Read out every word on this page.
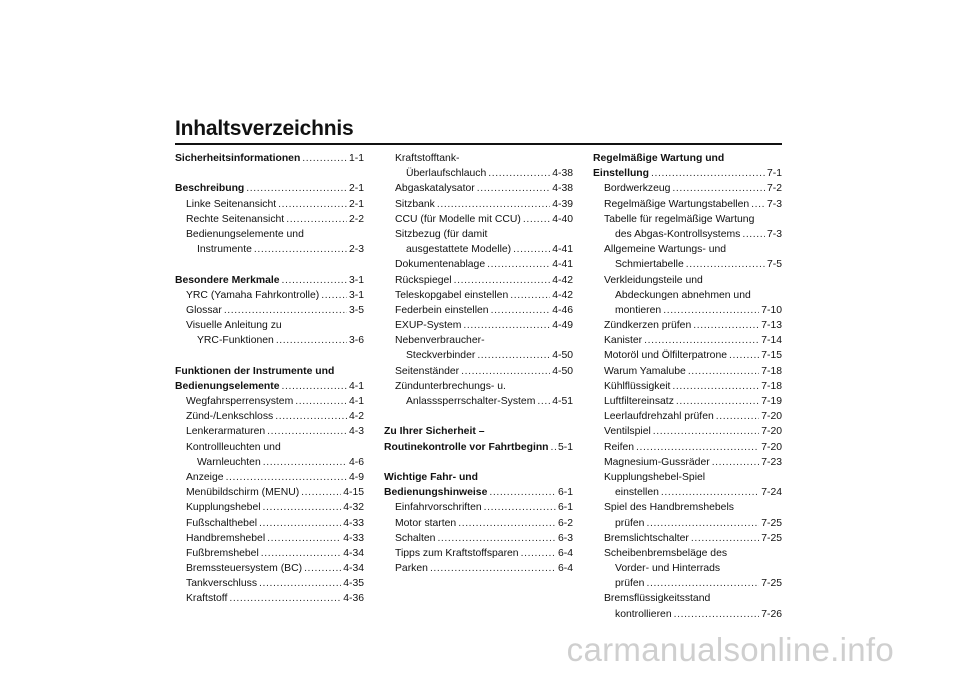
Inhaltsverzeichnis
Sicherheitsinformationen .....	1-1
Beschreibung .....	2-1
Linke Seitenansicht .....	2-1
Rechte Seitenansicht .....	2-2
Bedienungselemente und
Instrumente .....	2-3
Besondere Merkmale .....	3-1
YRC (Yamaha Fahrkontrolle) .....	3-1
Glossar .....	3-5
Visuelle Anleitung zu
YRC-Funktionen .....	3-6
Funktionen der Instrumente und
Bedienungselemente .....	4-1
Wegfahrsperrensystem .....	4-1
Zünd-/Lenkschloss .....	4-2
Lenkerarmaturen .....	4-3
Kontrollleuchten und
Warnleuchten .....	4-6
Anzeige .....	4-9
Menübildschirm (MENU) .....	4-15
Kupplungshebel .....	4-32
Fußschalthebel .....	4-33
Handbremshebel .....	4-33
Fußbremshebel .....	4-34
Bremssteuersystem (BC) .....	4-34
Tankverschluss .....	4-35
Kraftstoff .....	4-36
Kraftstofftank-
Überlaufschlauch .....	4-38
Abgaskatalysator .....	4-38
Sitzbank .....	4-39
CCU (für Modelle mit CCU) .....	4-40
Sitzbezug (für damit
ausgestattete Modelle) .....	4-41
Dokumentenablage .....	4-41
Rückspiegel .....	4-42
Teleskopgabel einstellen .....	4-42
Federbein einstellen .....	4-46
EXUP-System .....	4-49
Nebenverbraucher-
Steckverbinder .....	4-50
Seitenständer .....	4-50
Zündunterbrechungs- u.
Anlasssperrschalter-System ..... 4-51
Zu Ihrer Sicherheit –
Routinekontrolle vor Fahrtbeginn ..... 5-1
Wichtige Fahr- und
Bedienungshinweise .....	6-1
Einfahrvorschriften .....	6-1
Motor starten .....	6-2
Schalten .....	6-3
Tipps zum Kraftstoffsparen .....	6-4
Parken .....	6-4
Regelmäßige Wartung und
Einstellung .....	7-1
Bordwerkzeug .....	7-2
Regelmäßige Wartungstabellen ..... 7-3
Tabelle für regelmäßige Wartung
des Abgas-Kontrollsystems .....	7-3
Allgemeine Wartungs- und
Schmiertabelle .....	7-5
Verkleidungsteile und
Abdeckungen abnehmen und
montieren .....	7-10
Zündkerzen prüfen .....	7-13
Kanister .....	7-14
Motoröl und Ölfilterpatrone .....	7-15
Warum Yamalube .....	7-18
Kühlflüssigkeit .....	7-18
Luftfiltereinsatz .....	7-19
Leerlaufdrehzahl prüfen .....	7-20
Ventilspiel .....	7-20
Reifen .....	7-20
Magnesium-Gussräder .....	7-23
Kupplungshebel-Spiel
einstellen .....	7-24
Spiel des Handbremshebels
prüfen .....	7-25
Bremslichtschalter .....	7-25
Scheibenbremsbeläge des
Vorder- und Hinterrads
prüfen .....	7-25
Bremsflüssigkeitsstand
kontrollieren .....	7-26
carmanualsonline.info
